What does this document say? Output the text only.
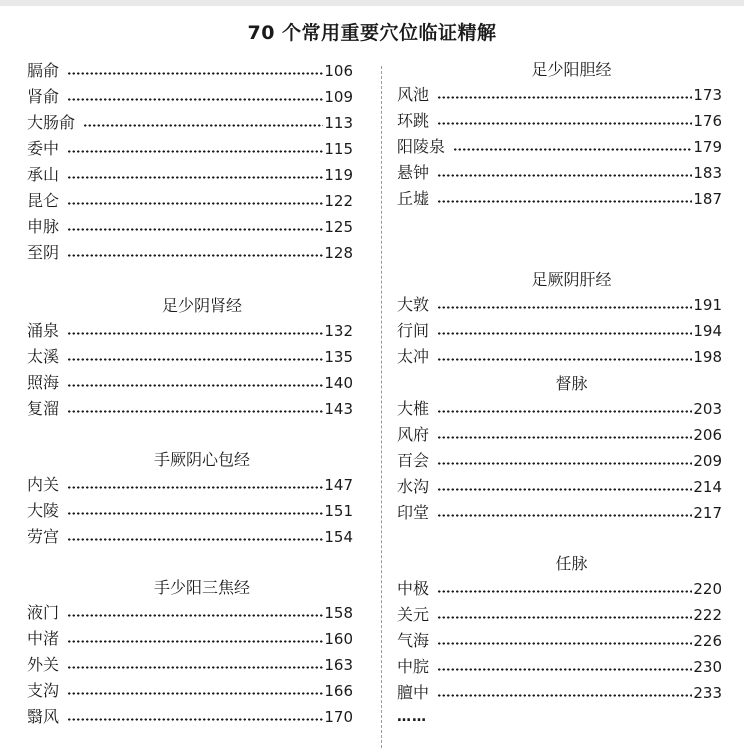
70 个常用重要穴位临证精解
膈俞	106
肾俞	109
大肠俞	113
委中	115
承山	119
昆仑	122
申脉	125
至阴	128
足少阴肾经
涌泉	132
太溪	135
照海	140
复溜	143
手厥阴心包经
内关	147
大陵	151
劳宫	154
手少阳三焦经
液门	158
中渚	160
外关	163
支沟	166
翳风	170
足少阳胆经
风池	173
环跳	176
阳陵泉	179
悬钟	183
丘墟	187
足厥阴肝经
大敦	191
行间	194
太冲	198
督脉
大椎	203
风府	206
百会	209
水沟	214
印堂	217
任脉
中极	220
关元	222
气海	226
中脘	230
膻中	233
……
